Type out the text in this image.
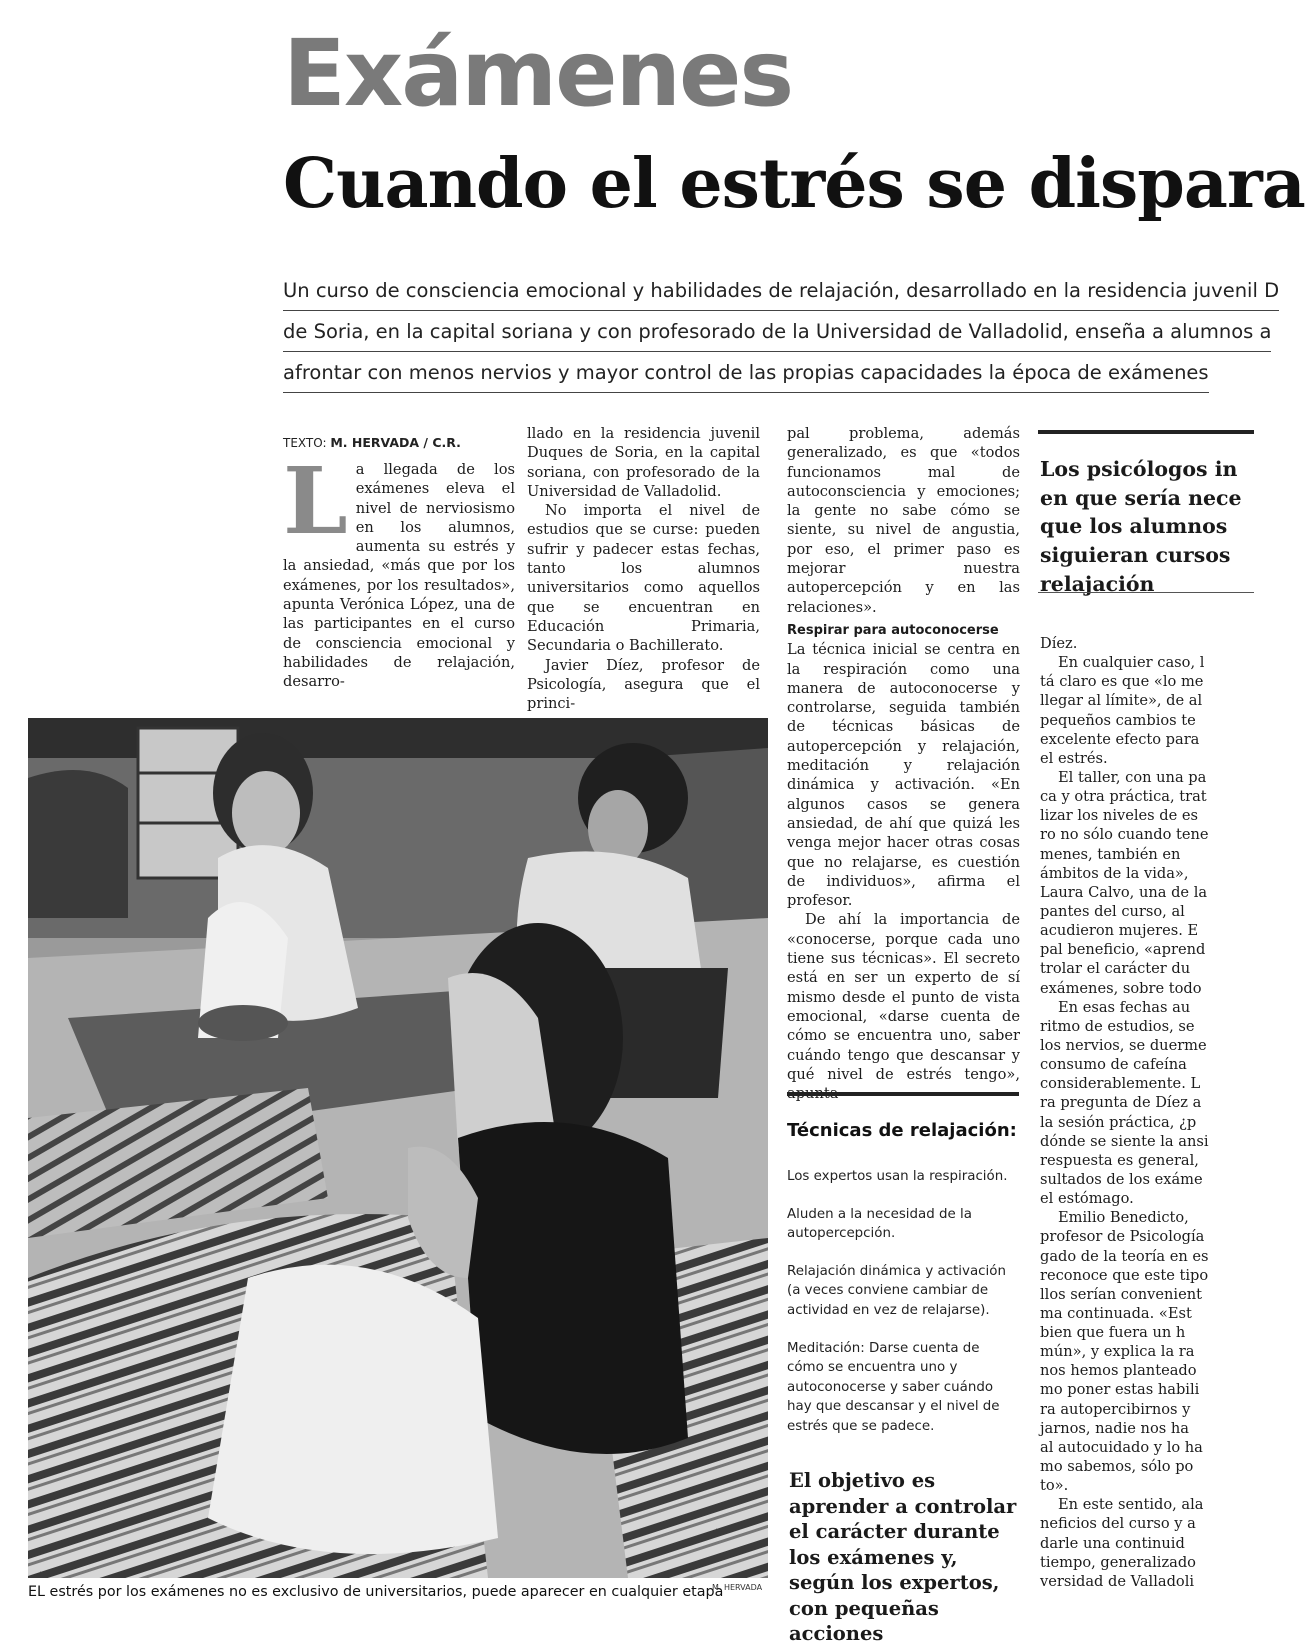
Exámenes
Cuando el estrés se dispara
Un curso de consciencia emocional y habilidades de relajación, desarrollado en la residencia juvenil D
de Soria, en la capital soriana y con profesorado de la Universidad de Valladolid, enseña a alumnos a
afrontar con menos nervios y mayor control de las propias capacidades la época de exámenes
TEXTO: M. HERVADA / C.R.

La llegada de los exámenes eleva el nivel de nerviosismo en los alumnos, aumenta su estrés y la ansiedad, «más que por los exámenes, por los resultados», apunta Verónica López, una de las participantes en el curso de consciencia emocional y habilidades de relajación, desarro-

llado en la residencia juvenil Duques de Soria, en la capital soriana, con profesorado de la Universidad de Valladolid.

No importa el nivel de estudios que se curse: pueden sufrir y padecer estas fechas, tanto los alumnos universitarios como aquellos que se encuentran en Educación Primaria, Secundaria o Bachillerato.

Javier Díez, profesor de Psicología, asegura que el princi-

pal problema, además generalizado, es que «todos funcionamos mal de autoconsciencia y emociones; la gente no sabe cómo se siente, su nivel de angustia, por eso, el primer paso es mejorar nuestra autopercepción y en las relaciones».

Respirar para autoconocerse

La técnica inicial se centra en la respiración como una manera de autoconocerse y controlarse, seguida también de técnicas básicas de autopercepción y relajación, meditación y relajación dinámica y activación. «En algunos casos se genera ansiedad, de ahí que quizá les venga mejor hacer otras cosas que no relajarse, es cuestión de individuos», afirma el profesor.

De ahí la importancia de «conocerse, porque cada uno tiene sus técnicas». El secreto está en ser un experto de sí mismo desde el punto de vista emocional, «darse cuenta de cómo se encuentra uno, saber cuándo tengo que descansar y qué nivel de estrés tengo», apunta

EL estrés por los exámenes no es exclusivo de universitarios, puede aparecer en cualquier etapa
M. HERVADA
Técnicas de relajación:
Los expertos usan la respiración.
Aluden a la necesidad de la autopercepción.
Relajación dinámica y activación (a veces conviene cambiar de actividad en vez de relajarse).
Meditación: Darse cuenta de cómo se encuentra uno y autoconocerse y saber cuándo hay que descansar y el nivel de estrés que se padece.
El objetivo es aprender a controlar el carácter durante los exámenes y, según los expertos, con pequeñas acciones
Los psicólogos in
en que sería nece
que los alumnos
siguieran cursos
relajación
Díez.
En cualquier caso, l
tá claro es que «lo me
llegar al límite», de al
pequeños cambios te
excelente efecto para
el estrés.
El taller, con una pa
ca y otra práctica, trat
lizar los niveles de es
ro no sólo cuando tene
menes, también en
ámbitos de la vida»,
Laura Calvo, una de la
pantes del curso, al
acudieron mujeres. E
pal beneficio, «aprend
trolar el carácter du
exámenes, sobre todo
En esas fechas au
ritmo de estudios, se
los nervios, se duerme
consumo de cafeína
considerablemente. L
ra pregunta de Díez a
la sesión práctica, ¿p
dónde se siente la ansi
respuesta es general,
sultados de los exáme
el estómago.
Emilio Benedicto,
profesor de Psicología
gado de la teoría en es
reconoce que este tipo
llos serían convenient
ma continuada. «Est
bien que fuera un h
mún», y explica la ra
nos hemos planteado
mo poner estas habili
ra autopercibirnos y
jarnos, nadie nos ha
al autocuidado y lo ha
mo sabemos, sólo po
to».
En este sentido, ala
neficios del curso y a
darle una continuid
tiempo, generalizado
versidad de Valladoli
